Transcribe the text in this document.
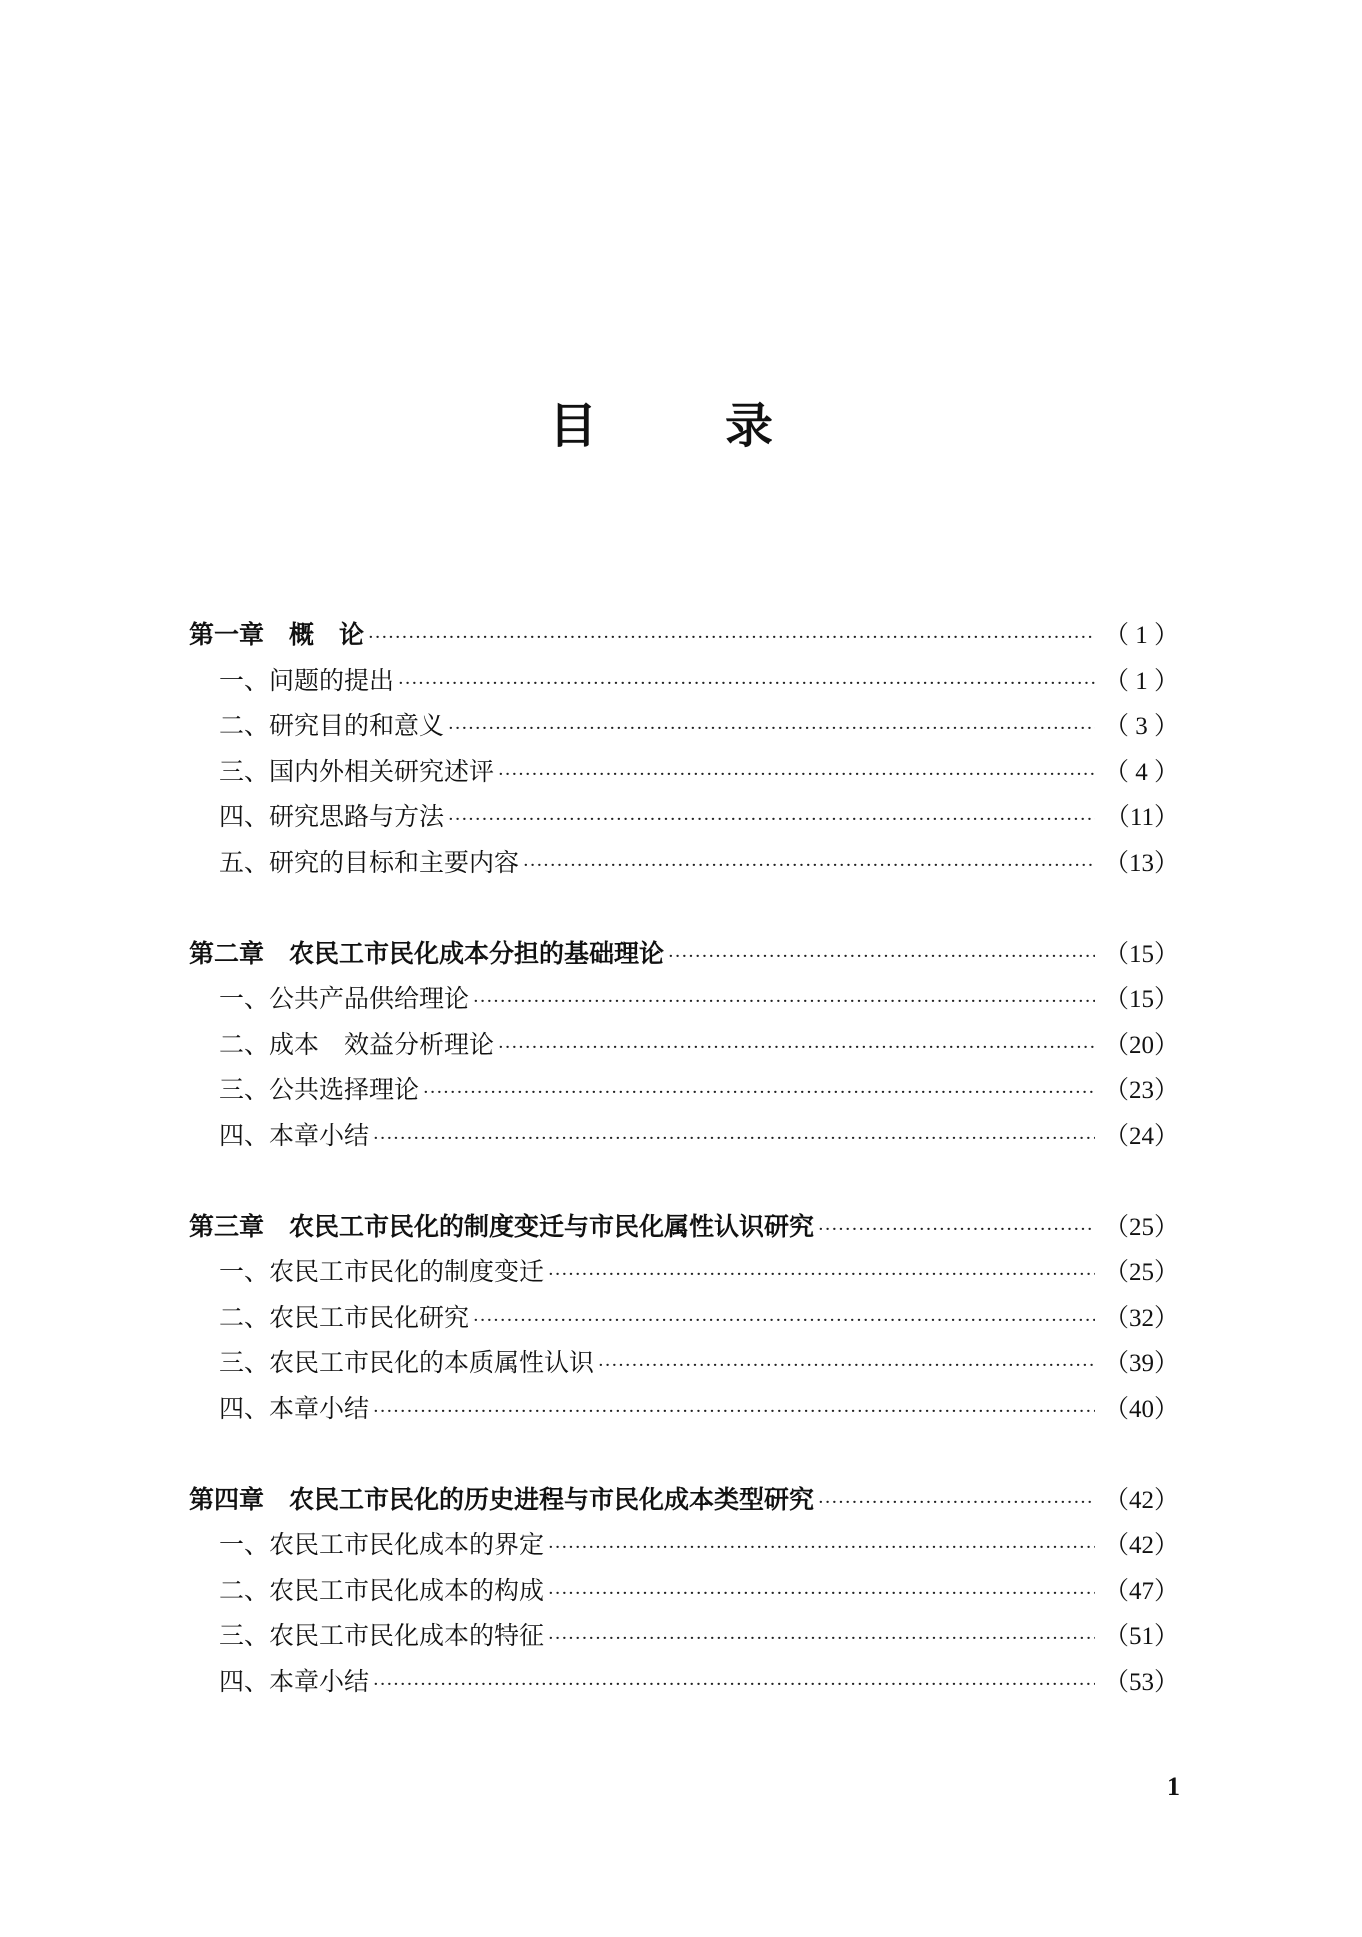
目　录
第一章　概　论 ·····	（ 1 ）
一、问题的提出 ·····	（ 1 ）
二、研究目的和意义 ·····	（ 3 ）
三、国内外相关研究述评 ·····	（ 4 ）
四、研究思路与方法 ·····	（11）
五、研究的目标和主要内容 ·····	（13）
第二章　农民工市民化成本分担的基础理论 ·····	（15）
一、公共产品供给理论 ·····	（15）
二、成本　效益分析理论 ·····	（20）
三、公共选择理论 ·····	（23）
四、本章小结 ·····	（24）
第三章　农民工市民化的制度变迁与市民化属性认识研究 ·····	（25）
一、农民工市民化的制度变迁 ·····	（25）
二、农民工市民化研究 ·····	（32）
三、农民工市民化的本质属性认识 ·····	（39）
四、本章小结 ·····	（40）
第四章　农民工市民化的历史进程与市民化成本类型研究 ·····	（42）
一、农民工市民化成本的界定 ·····	（42）
二、农民工市民化成本的构成 ·····	（47）
三、农民工市民化成本的特征 ·····	（51）
四、本章小结 ·····	（53）
1
